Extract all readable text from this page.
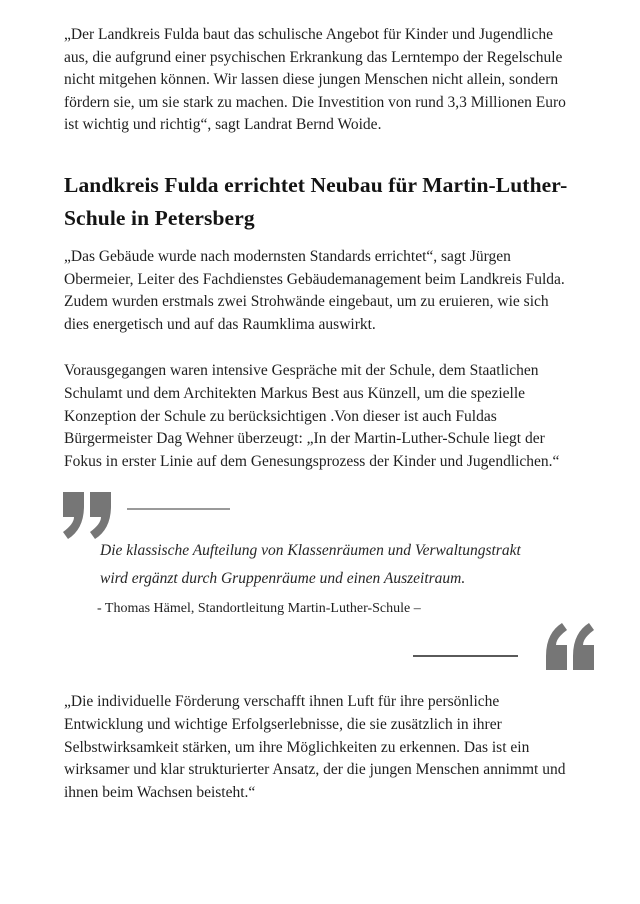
„Der Landkreis Fulda baut das schulische Angebot für Kinder und Jugendliche aus, die aufgrund einer psychischen Erkrankung das Lerntempo der Regelschule nicht mitgehen können. Wir lassen diese jungen Menschen nicht allein, sondern fördern sie, um sie stark zu machen. Die Investition von rund 3,3 Millionen Euro ist wichtig und richtig“, sagt Landrat Bernd Woide.

Landkreis Fulda errichtet Neubau für Martin-Luther-Schule in Petersberg

„Das Gebäude wurde nach modernsten Standards errichtet“, sagt Jürgen Obermeier, Leiter des Fachdienstes Gebäudemanagement beim Landkreis Fulda. Zudem wurden erstmals zwei Strohwände eingebaut, um zu eruieren, wie sich dies energetisch und auf das Raumklima auswirkt.

Vorausgegangen waren intensive Gespräche mit der Schule, dem Staatlichen Schulamt und dem Architekten Markus Best aus Künzell, um die spezielle Konzeption der Schule zu berücksichtigen .Von dieser ist auch Fuldas Bürgermeister Dag Wehner überzeugt: „In der Martin-Luther-Schule liegt der Fokus in erster Linie auf dem Genesungsprozess der Kinder und Jugendlichen.“

Die klassische Aufteilung von Klassenräumen und Verwaltungstrakt wird ergänzt durch Gruppenräume und einen Auszeitraum.
- Thomas Hämel, Standortleitung Martin-Luther-Schule –

„Die individuelle Förderung verschafft ihnen Luft für ihre persönliche Entwicklung und wichtige Erfolgserlebnisse, die sie zusätzlich in ihrer Selbstwirksamkeit stärken, um ihre Möglichkeiten zu erkennen. Das ist ein wirksamer und klar strukturierter Ansatz, der die jungen Menschen annimmt und ihnen beim Wachsen beisteht.“
